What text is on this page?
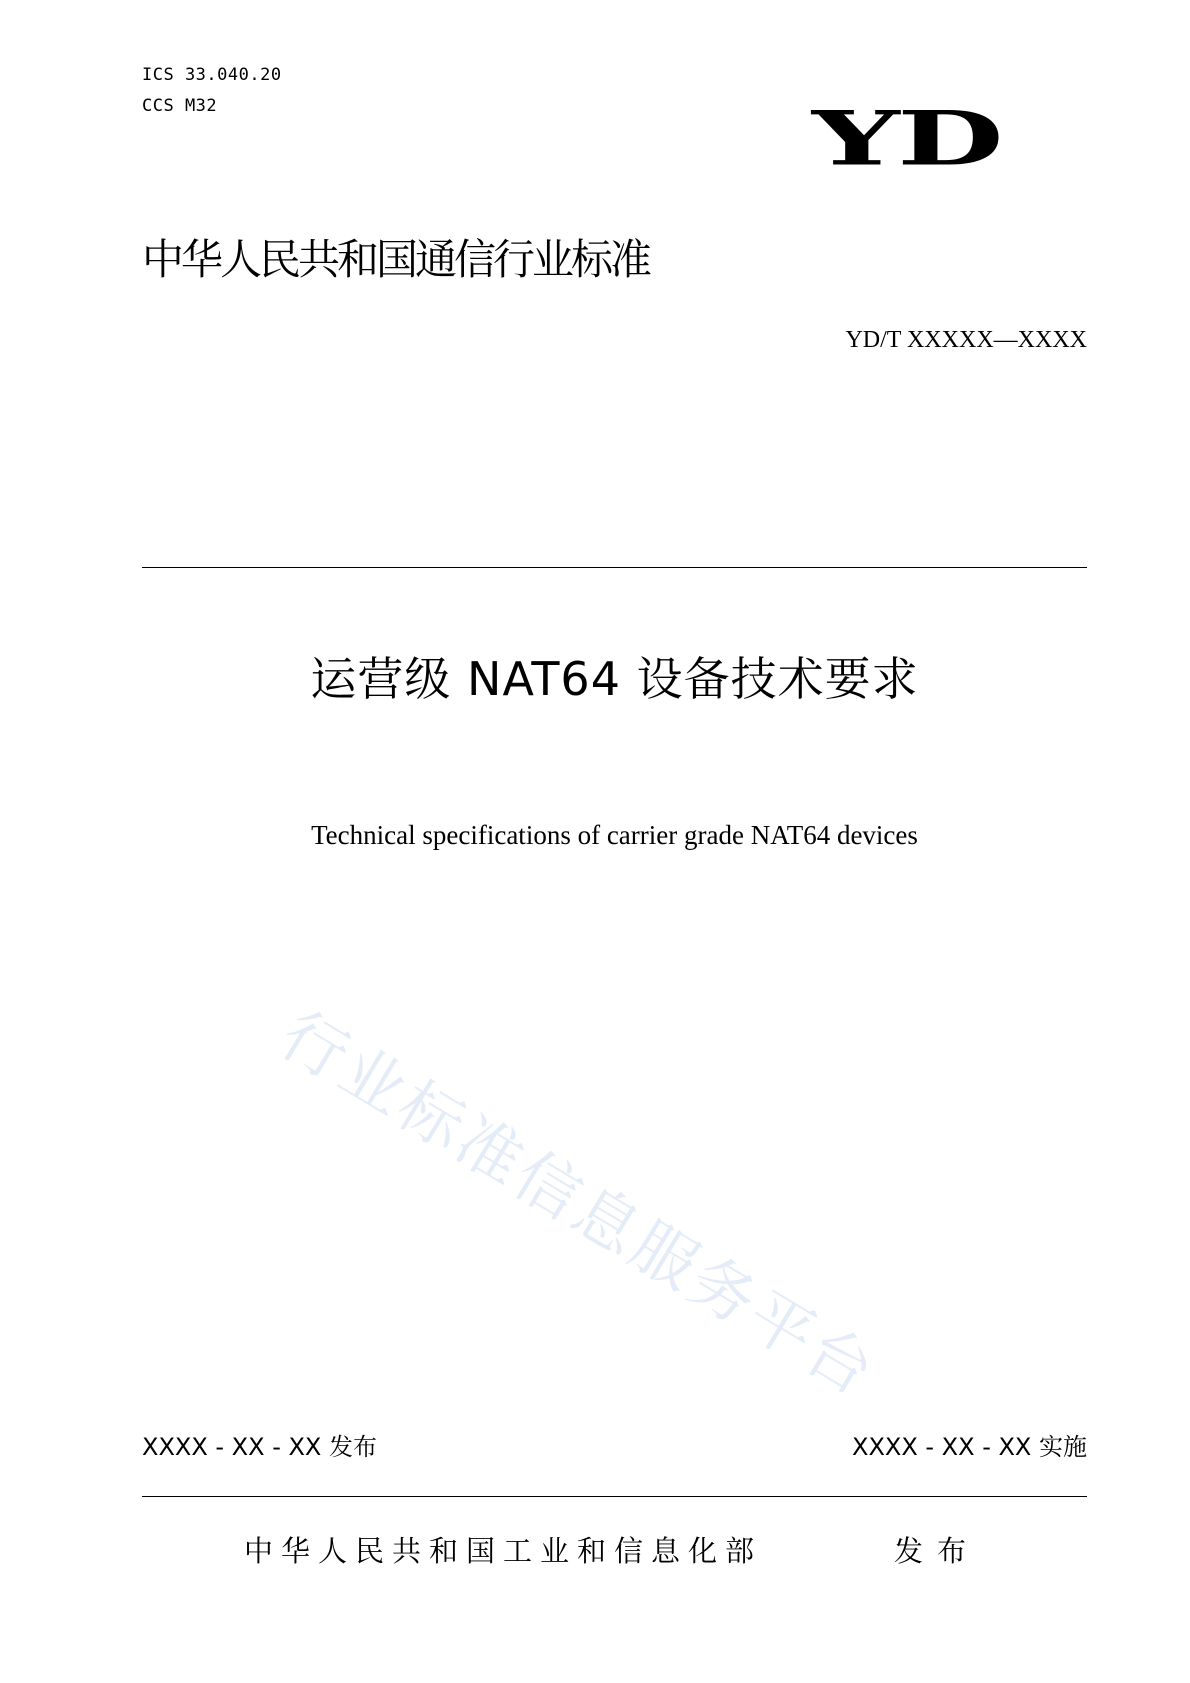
ICS 33.040.20
CCS M32	YD
中华人民共和国通信行业标准
YD/T XXXXX—XXXX
运营级 NAT64 设备技术要求
Technical specifications of carrier grade NAT64 devices
行业标准信息服务平台
XXXX - XX - XX 发布	XXXX - XX - XX 实施
中华人民共和国工业和信息化部	发布
